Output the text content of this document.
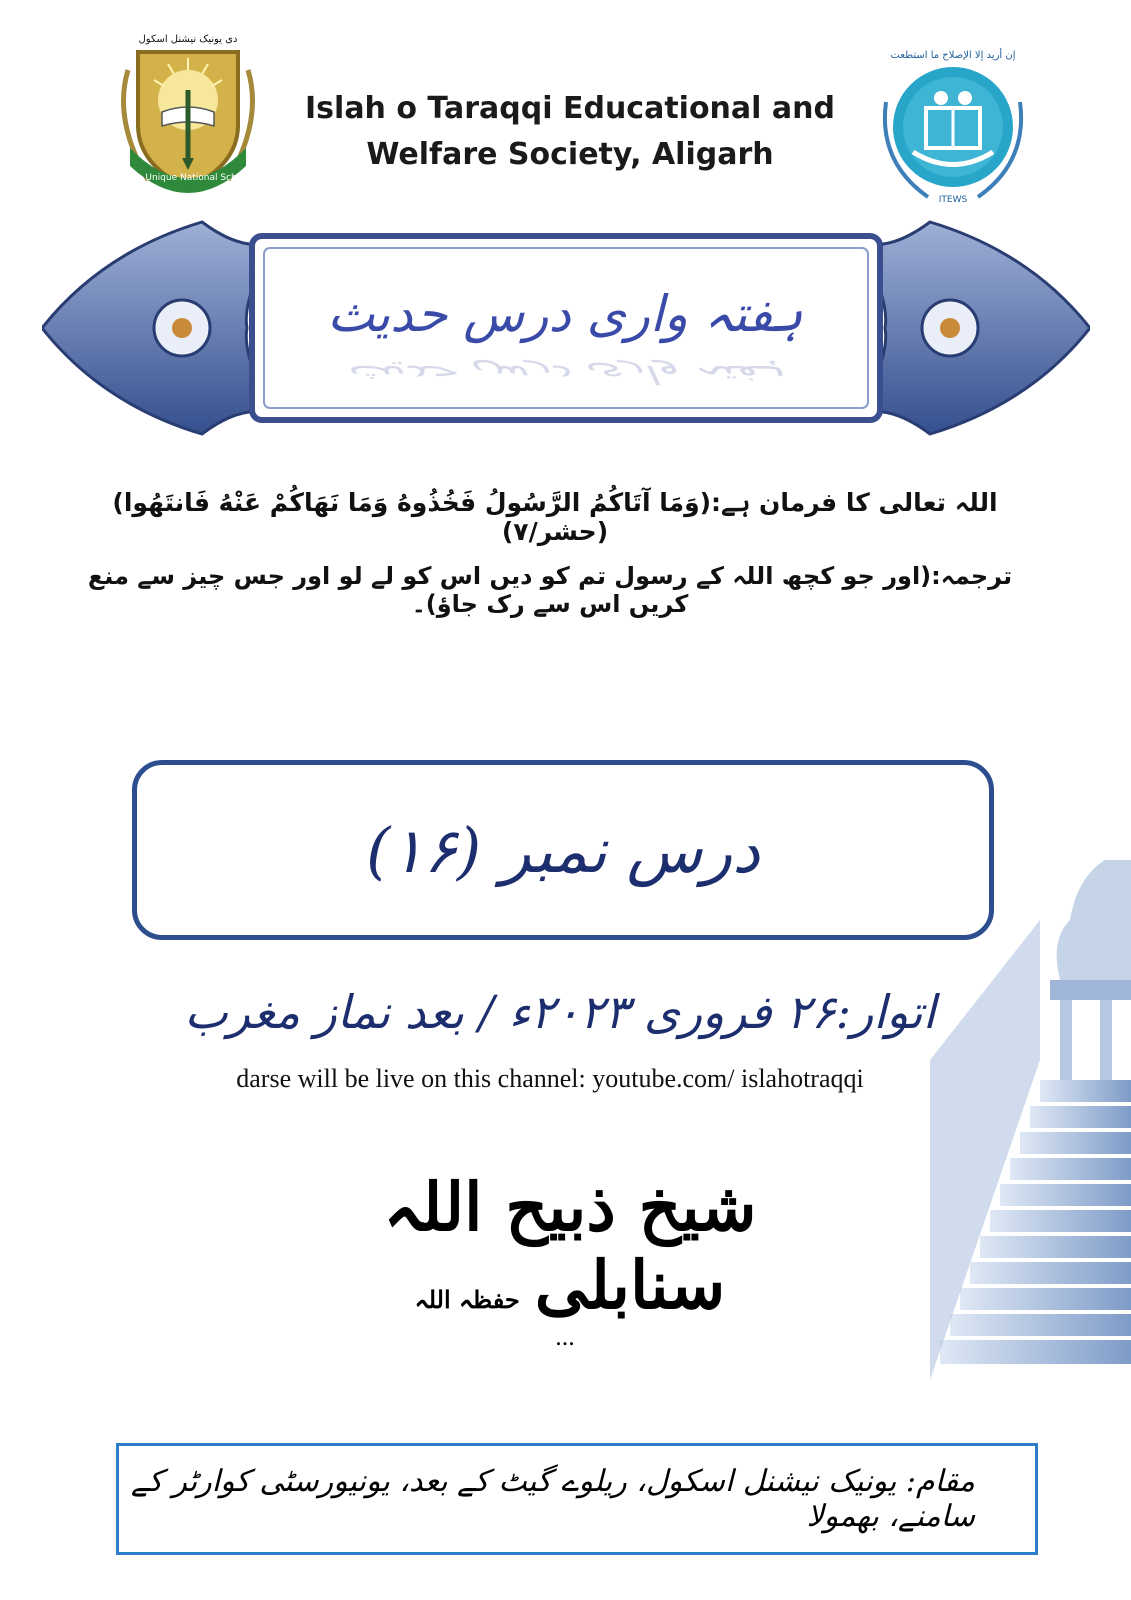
دی یونیک نیشنل اسکول
The Unique National School
Islah o Taraqqi Educational and
Welfare Society, Aligarh
إن أريد إلا الإصلاح ما استطعت
ITEWS
ہفتہ واری درس حدیث
ہفتہ واری درس حدیث
اللہ تعالی کا فرمان ہے:(وَمَا آتَاكُمُ الرَّسُولُ فَخُذُوهُ وَمَا نَهَاكُمْ عَنْهُ فَانتَهُوا)(حشر/۷)
ترجمہ:(اور جو کچھ اللہ کے رسول تم کو دیں اس کو لے لو اور جس چیز سے منع کریں اس سے رک جاؤ)۔
درس نمبر (۱۶)
اتوار:۲۶ فروری ۲۰۲۳ء / بعد نماز مغرب
darse will be live on this channel: youtube.com/ islahotraqqi
شیخ ذبیح اللہ سنابلی حفظہ اللہ
...
مقام: یونیک نیشنل اسکول، ریلوے گیٹ کے بعد، یونیورسٹی کوارٹر کے سامنے، بھمولا
